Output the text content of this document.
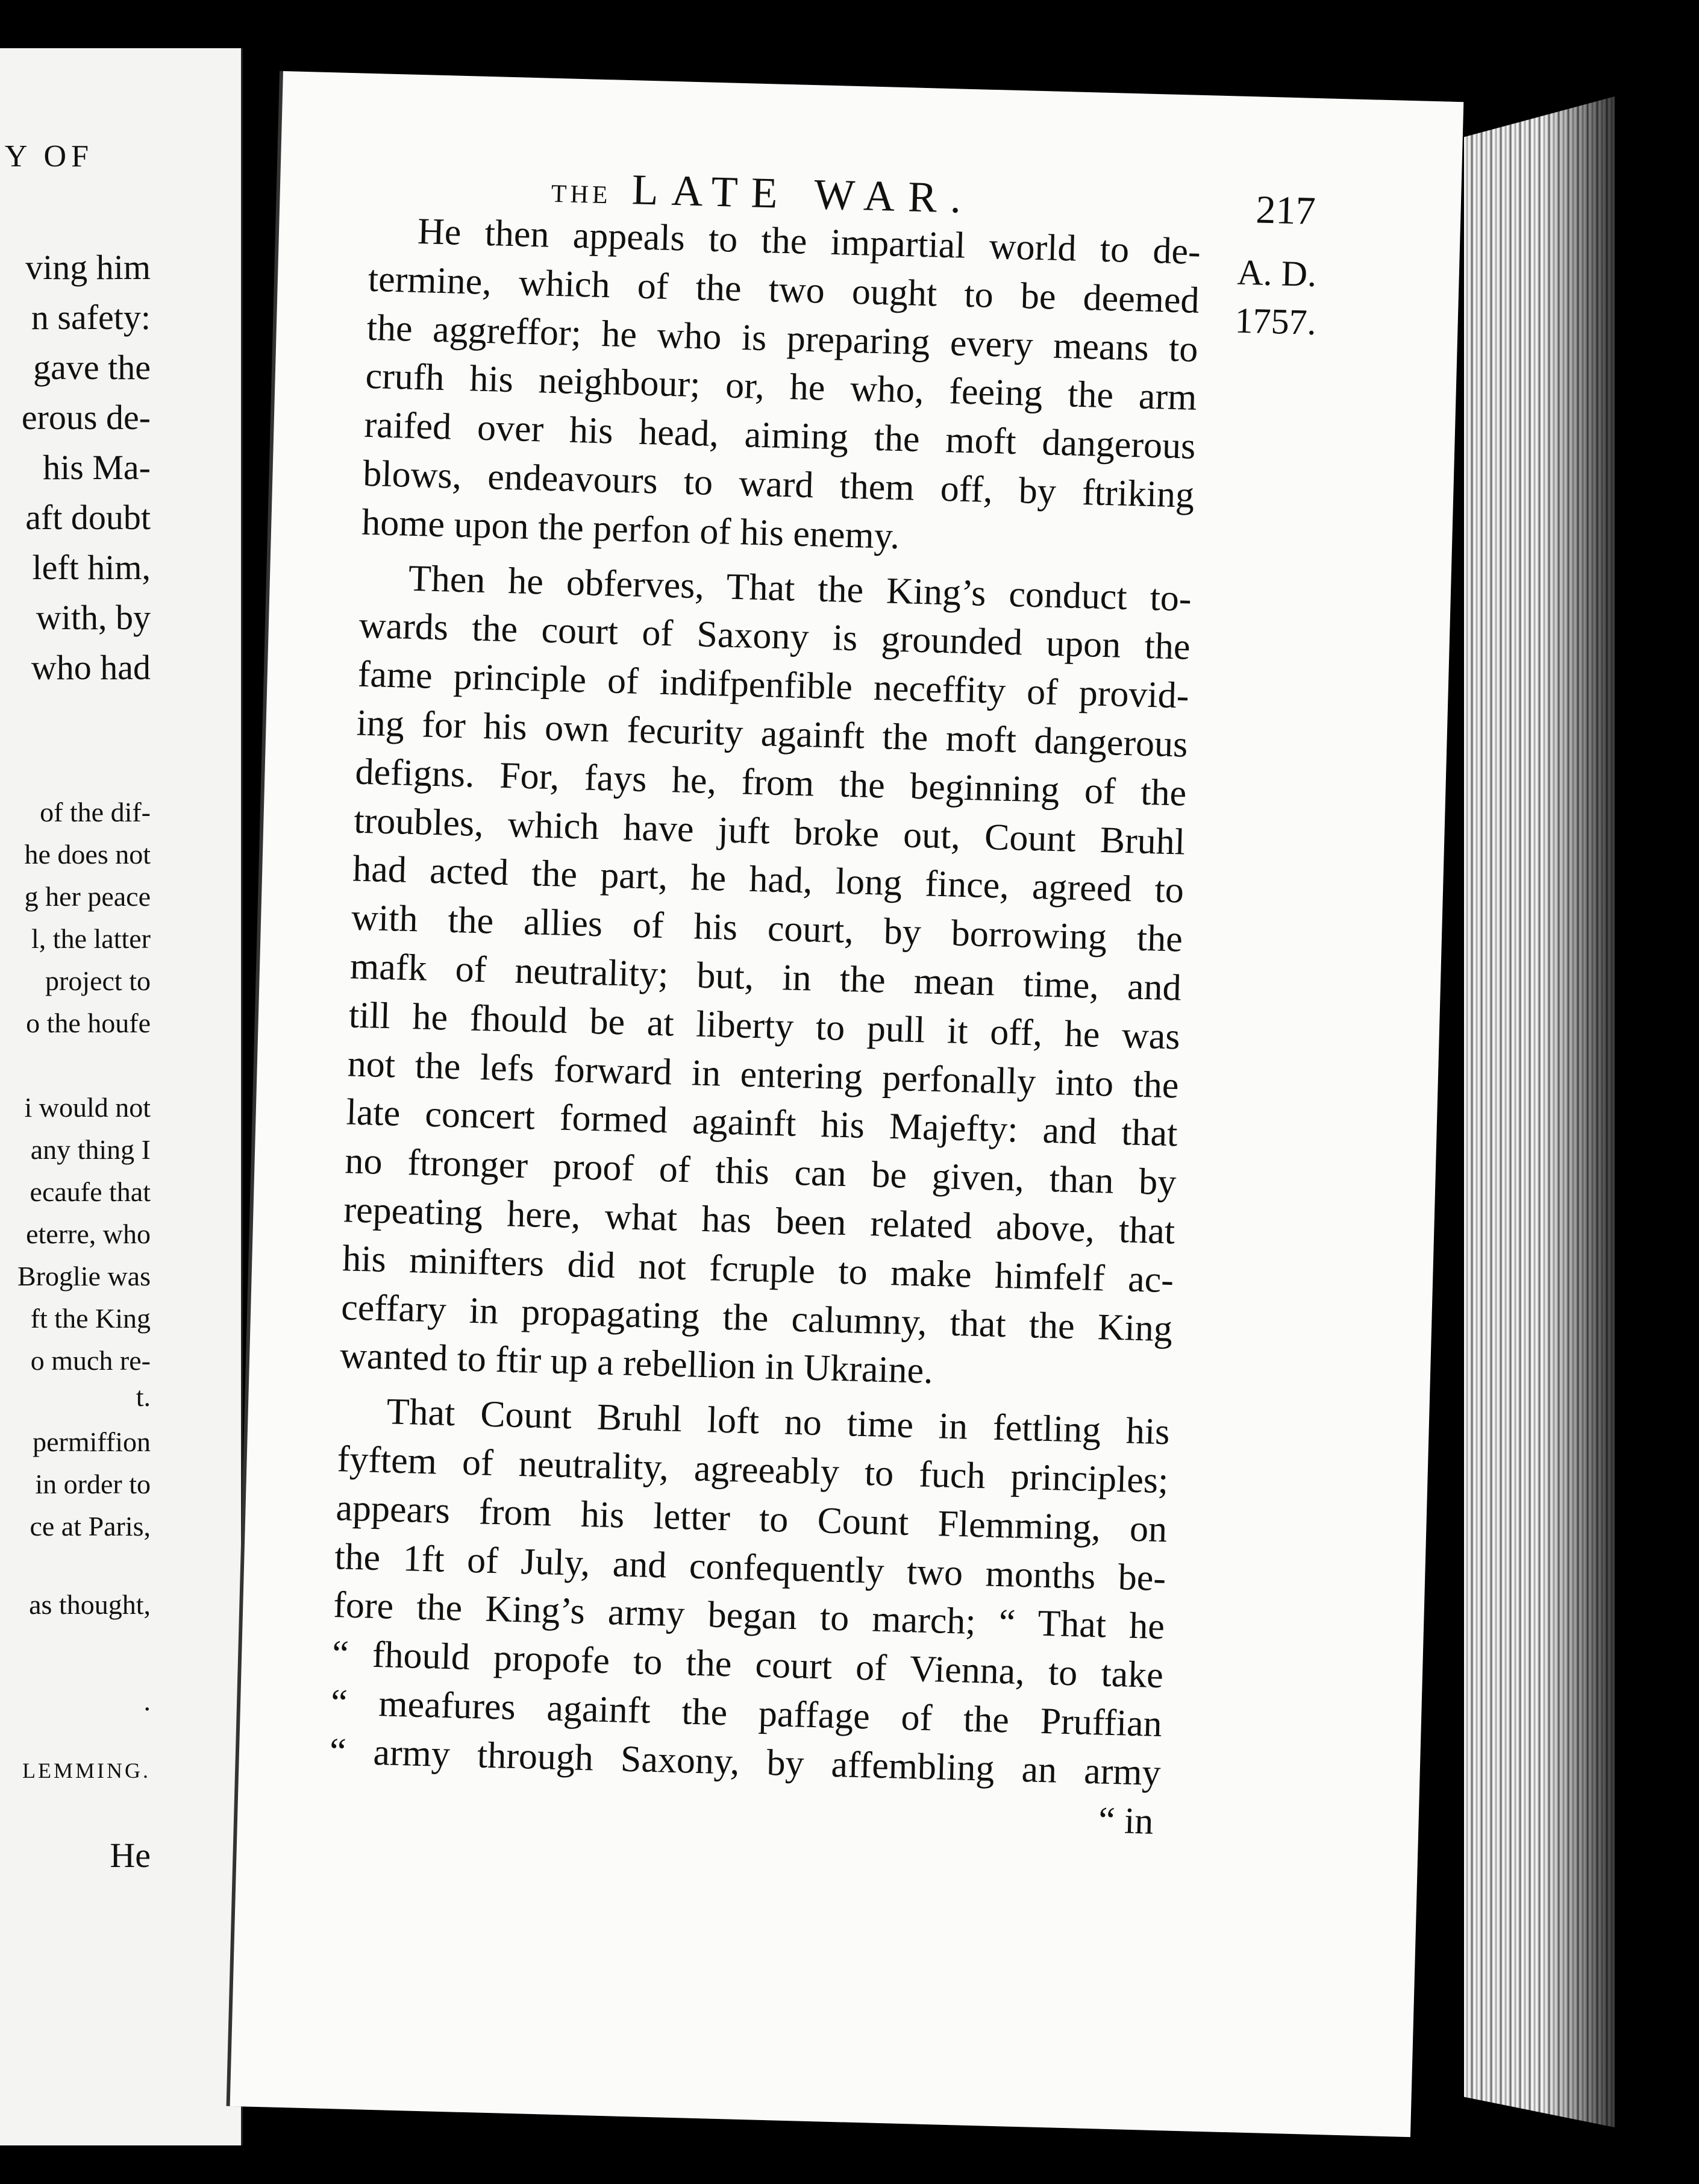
Y OF
ving him
n safety:
gave the
erous de-
his Ma-
aft doubt
left him,
with, by
who had
of the dif-
he does not
g her peace
l, the latter
project to
o the houfe
i would not
any thing I
ecaufe that
eterre, who
Broglie was
ft the King
o much re-
t.
permiffion
in order to
ce at Paris,
as thought,
.
LEMMING.
He
THE LATE WAR.	217
A. D.
1757.
He then appeals to the impartial world to de-
termine, which of the two ought to be deemed
the aggreffor; he who is preparing every means to
crufh his neighbour; or, he who, feeing the arm
raifed over his head, aiming the moft dangerous
blows, endeavours to ward them off, by ftriking
home upon the perfon of his enemy.
Then he obferves, That the King’s conduct to-
wards the court of Saxony is grounded upon the
fame principle of indifpenfible neceffity of provid-
ing for his own fecurity againft the moft dangerous
defigns. For, fays he, from the beginning of the
troubles, which have juft broke out, Count Bruhl
had acted the part, he had, long fince, agreed to
with the allies of his court, by borrowing the
mafk of neutrality; but, in the mean time, and
till he fhould be at liberty to pull it off, he was
not the lefs forward in entering perfonally into the
late concert formed againft his Majefty: and that
no ftronger proof of this can be given, than by
repeating here, what has been related above, that
his minifters did not fcruple to make himfelf ac-
ceffary in propagating the calumny, that the King
wanted to ftir up a rebellion in Ukraine.
That Count Bruhl loft no time in fettling his
fyftem of neutrality, agreeably to fuch principles;
appears from his letter to Count Flemming, on
the 1ft of July, and confequently two months be-
fore the King’s army began to march; “ That he
“ fhould propofe to the court of Vienna, to take
“ meafures againft the paffage of the Pruffian
“ army through Saxony, by affembling an army
“ in
